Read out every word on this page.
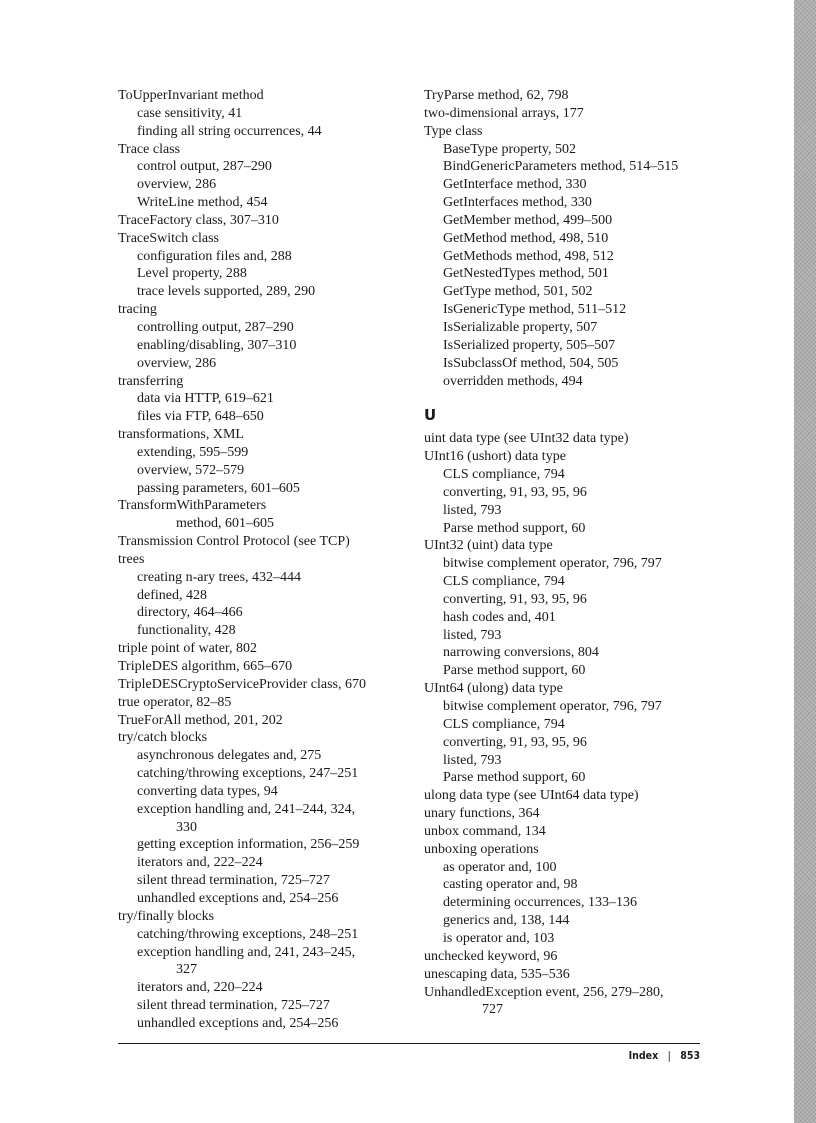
ToUpperInvariant method
case sensitivity, 41
finding all string occurrences, 44
Trace class
control output, 287–290
overview, 286
WriteLine method, 454
TraceFactory class, 307–310
TraceSwitch class
configuration files and, 288
Level property, 288
trace levels supported, 289, 290
tracing
controlling output, 287–290
enabling/disabling, 307–310
overview, 286
transferring
data via HTTP, 619–621
files via FTP, 648–650
transformations, XML
extending, 595–599
overview, 572–579
passing parameters, 601–605
TransformWithParameters
method, 601–605
Transmission Control Protocol (see TCP)
trees
creating n-ary trees, 432–444
defined, 428
directory, 464–466
functionality, 428
triple point of water, 802
TripleDES algorithm, 665–670
TripleDESCryptoServiceProvider class, 670
true operator, 82–85
TrueForAll method, 201, 202
try/catch blocks
asynchronous delegates and, 275
catching/throwing exceptions, 247–251
converting data types, 94
exception handling and, 241–244, 324,
330
getting exception information, 256–259
iterators and, 222–224
silent thread termination, 725–727
unhandled exceptions and, 254–256
try/finally blocks
catching/throwing exceptions, 248–251
exception handling and, 241, 243–245,
327
iterators and, 220–224
silent thread termination, 725–727
unhandled exceptions and, 254–256
TryParse method, 62, 798
two-dimensional arrays, 177
Type class
BaseType property, 502
BindGenericParameters method, 514–515
GetInterface method, 330
GetInterfaces method, 330
GetMember method, 499–500
GetMethod method, 498, 510
GetMethods method, 498, 512
GetNestedTypes method, 501
GetType method, 501, 502
IsGenericType method, 511–512
IsSerializable property, 507
IsSerialized property, 505–507
IsSubclassOf method, 504, 505
overridden methods, 494
U
uint data type (see UInt32 data type)
UInt16 (ushort) data type
CLS compliance, 794
converting, 91, 93, 95, 96
listed, 793
Parse method support, 60
UInt32 (uint) data type
bitwise complement operator, 796, 797
CLS compliance, 794
converting, 91, 93, 95, 96
hash codes and, 401
listed, 793
narrowing conversions, 804
Parse method support, 60
UInt64 (ulong) data type
bitwise complement operator, 796, 797
CLS compliance, 794
converting, 91, 93, 95, 96
listed, 793
Parse method support, 60
ulong data type (see UInt64 data type)
unary functions, 364
unbox command, 134
unboxing operations
as operator and, 100
casting operator and, 98
determining occurrences, 133–136
generics and, 138, 144
is operator and, 103
unchecked keyword, 96
unescaping data, 535–536
UnhandledException event, 256, 279–280,
727
Index | 853
